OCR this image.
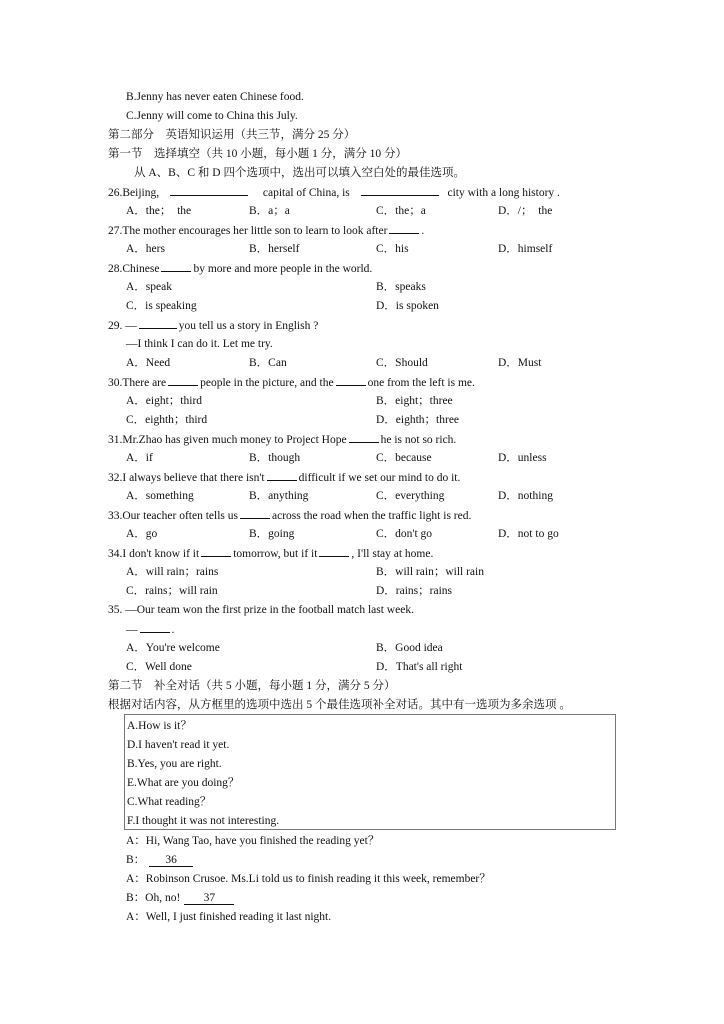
B.Jenny has never eaten Chinese food.
C.Jenny will come to China this July.
第二部分　英语知识运用（共三节，满分 25 分）
第一节　选择填空（共 10 小题，每小题 1 分，满分 10 分）
从 A、B、C 和 D 四个选项中，选出可以填入空白处的最佳选项。
26.Beijing,	capital of China, is	city with a long history .
A．the；　the	B．a；a	C．the；a	D．/；　the
27.The mother encourages her little son to learn to look after	.
A．hers	B．herself	C．his	D．himself
28.Chinese	by more and more people in the world.
A．speak	B．speaks
C．is speaking	D．is spoken
29. —	you tell us a story in English ?
—I think I can do it. Let me try.
A．Need	B．Can	C．Should	D．Must
30.There are	people in the picture, and the	one from the left is me.
A．eight；third	B．eight；three
C．eighth；third	D．eighth；three
31.Mr.Zhao has given much money to Project Hope	he is not so rich.
A．if	B．though	C．because	D．unless
32.I always believe that there isn't	difficult if we set our mind to do it.
A．something	B．anything	C．everything	D．nothing
33.Our teacher often tells us	across the road when the traffic light is red.
A．go	B．going	C．don't go	D．not to go
34.I don't know if it	tomorrow, but if it	, I'll stay at home.
A．will rain；rains	B．will rain；will rain
C．rains；will rain	D．rains；rains
35. —Our team won the first prize in the football match last week.
—	.
A．You're welcome	B．Good idea
C．Well done	D．That's all right
第二节　补全对话（共 5 小题，每小题 1 分，满分 5 分）
根据对话内容，从方框里的选项中选出 5 个最佳选项补全对话。其中有一选项为多余选项 。
A.How is it？
D.I haven't read it yet.
B.Yes, you are right.
E.What are you doing？
C.What reading？
F.I thought it was not interesting.
A：Hi, Wang Tao, have you finished the reading yet？
B： 36
A：Robinson Crusoe. Ms.Li told us to finish reading it this week, remember？
B：Oh, no! 37
A：Well, I just finished reading it last night.
